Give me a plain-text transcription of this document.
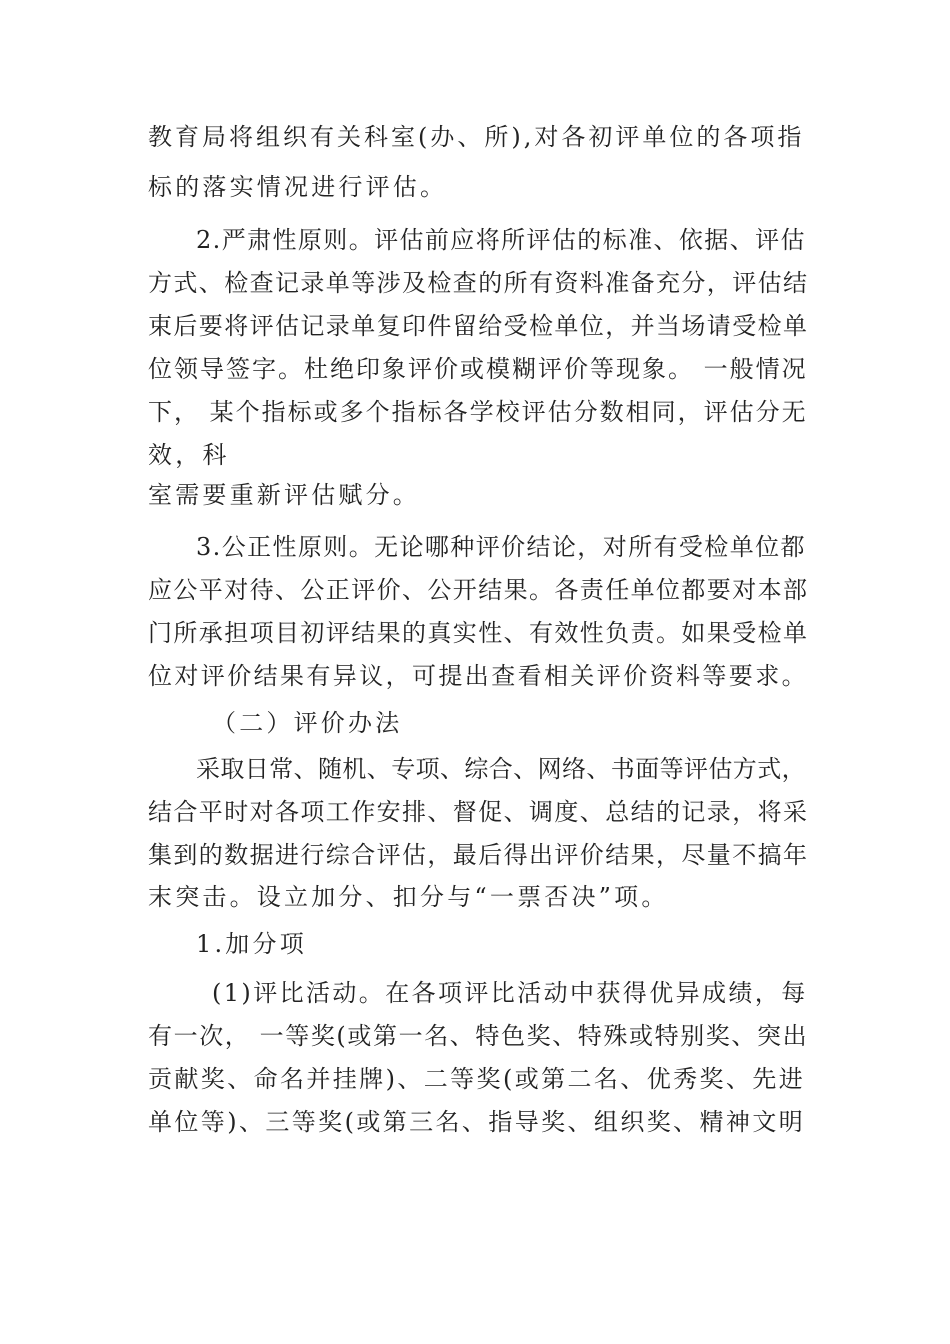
教育局将组织有关科室(办、所),对各初评单位的各项指
标的落实情况进行评估。
2.严肃性原则。评估前应将所评估的标准、依据、评估
方式、检查记录单等涉及检查的所有资料准备充分，评估结
束后要将评估记录单复印件留给受检单位，并当场请受检单
位领导签字。杜绝印象评价或模糊评价等现象。 一般情况
下， 某个指标或多个指标各学校评估分数相同，评估分无
效，科
室需要重新评估赋分。
3.公正性原则。无论哪种评价结论，对所有受检单位都
应公平对待、公正评价、公开结果。各责任单位都要对本部
门所承担项目初评结果的真实性、有效性负责。如果受检单
位对评价结果有异议，可提出查看相关评价资料等要求。
（二）评价办法
采取日常、随机、专项、综合、网络、书面等评估方式，
结合平时对各项工作安排、督促、调度、总结的记录，将采
集到的数据进行综合评估，最后得出评价结果，尽量不搞年
末突击。设立加分、扣分与“一票否决”项。
1.加分项
(1)评比活动。在各项评比活动中获得优异成绩，每
有一次， 一等奖(或第一名、特色奖、特殊或特别奖、突出
贡献奖、命名并挂牌)、二等奖(或第二名、优秀奖、先进
单位等)、三等奖(或第三名、指导奖、组织奖、精神文明
